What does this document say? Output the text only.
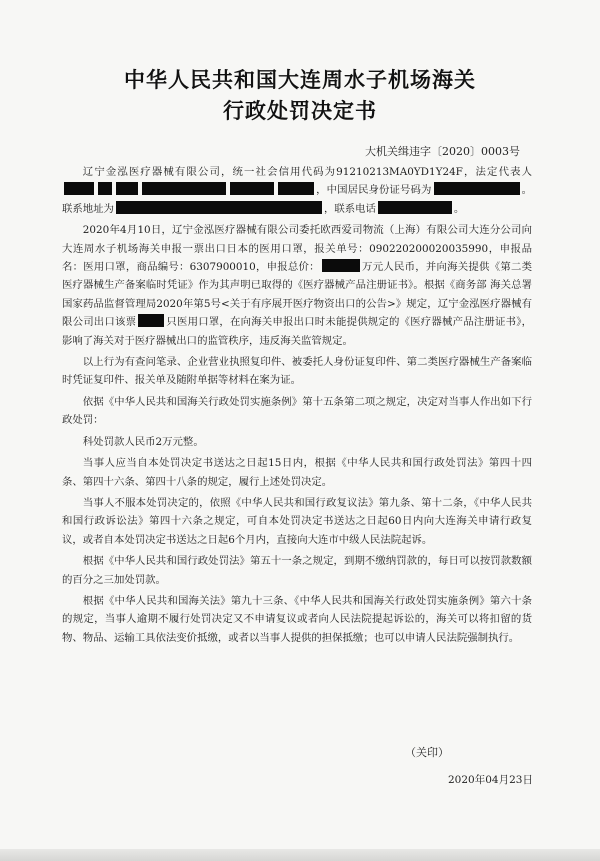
中华人民共和国大连周水子机场海关
行政处罚决定书
大机关缉违字〔2020〕0003号

辽宁金泓医疗器械有限公司，统一社会信用代码为91210213MA0YD1Y24F，法定代表人，中国居民身份证号码为	。联系地址为	，联系电话	。

2020年4月10日，辽宁金泓医疗器械有限公司委托欧西爱司物流（上海）有限公司大连分公司向大连周水子机场海关申报一票出口日本的医用口罩，报关单号：090220200020035990，申报品名：医用口罩，商品编号：6307900010，申报总价：	万元人民币，并向海关提供《第二类医疗器械生产备案临时凭证》作为其声明已取得的《医疗器械产品注册证书》。根据《商务部 海关总署 国家药品监督管理局2020年第5号<关于有序展开医疗物资出口的公告>》规定，辽宁金泓医疗器械有限公司出口该票	只医用口罩，在向海关申报出口时未能提供规定的《医疗器械产品注册证书》，影响了海关对于医疗器械出口的监管秩序，违反海关监管规定。

以上行为有查问笔录、企业营业执照复印件、被委托人身份证复印件、第二类医疗器械生产备案临时凭证复印件、报关单及随附单据等材料在案为证。

依据《中华人民共和国海关行政处罚实施条例》第十五条第二项之规定，决定对当事人作出如下行政处罚：

科处罚款人民币2万元整。

当事人应当自本处罚决定书送达之日起15日内，根据《中华人民共和国行政处罚法》第四十四条、第四十六条、第四十八条的规定，履行上述处罚决定。

当事人不服本处罚决定的，依照《中华人民共和国行政复议法》第九条、第十二条，《中华人民共和国行政诉讼法》第四十六条之规定，可自本处罚决定书送达之日起60日内向大连海关申请行政复议，或者自本处罚决定书送达之日起6个月内，直接向大连市中级人民法院起诉。

根据《中华人民共和国行政处罚法》第五十一条之规定，到期不缴纳罚款的，每日可以按罚款数额的百分之三加处罚款。

根据《中华人民共和国海关法》第九十三条、《中华人民共和国海关行政处罚实施条例》第六十条的规定，当事人逾期不履行处罚决定又不申请复议或者向人民法院提起诉讼的，海关可以将扣留的货物、物品、运输工具依法变价抵缴，或者以当事人提供的担保抵缴；也可以申请人民法院强制执行。

（关印）
2020年04月23日
